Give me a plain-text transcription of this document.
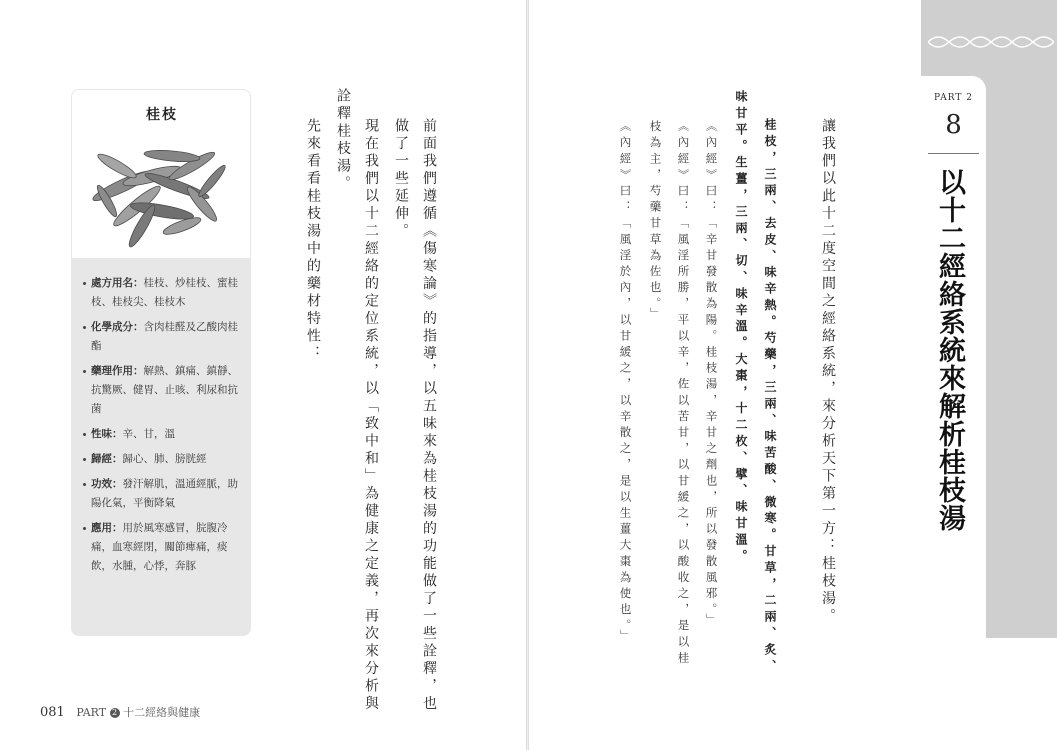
桂枝
處方用名：桂枝、炒桂枝、蜜桂枝、桂枝尖、桂枝木
化學成分：含肉桂醛及乙酸肉桂酯
藥理作用：解熱、鎮痛、鎮靜、抗驚厥、健胃、止咳、利尿和抗菌
性味：辛、甘，溫
歸經：歸心、肺、膀胱經
功效：發汗解肌，溫通經脈，助陽化氣，平衡降氣
應用：用於風寒感冒，脘腹冷痛，血寒經閉，關節痺痛，痰飲，水腫，心悸，奔豚	前面我們遵循《傷寒論》的指導，以五味來為桂枝湯的功能做了一些詮釋，也
做了一些延伸。
現在我們以十二經絡的定位系統，以「致中和」為健康之定義，再次來分析與
詮釋桂枝湯。
先來看看桂枝湯中的藥材特性：
081 PART 2 十二經絡與健康
讓我們以此十二度空間之經絡系統，來分析天下第一方：桂枝湯。
桂枝，三兩、去皮、味辛熱。芍藥，三兩、味苦酸、微寒。甘草，二兩、炙、
味甘平。生薑，三兩、切、味辛溫。大棗，十二枚、擘、味甘溫。
《內經》曰：「辛甘發散為陽。桂枝湯，辛甘之劑也，所以發散風邪。」
《內經》曰：「風淫所勝，平以辛，佐以苦甘，以甘緩之，以酸收之，是以桂
枝為主，芍藥甘草為佐也。」
《內經》曰：「風淫於內，以甘緩之，以辛散之，是以生薑大棗為使也。」
PART 2
8
以十二經絡系統來解析桂枝湯
